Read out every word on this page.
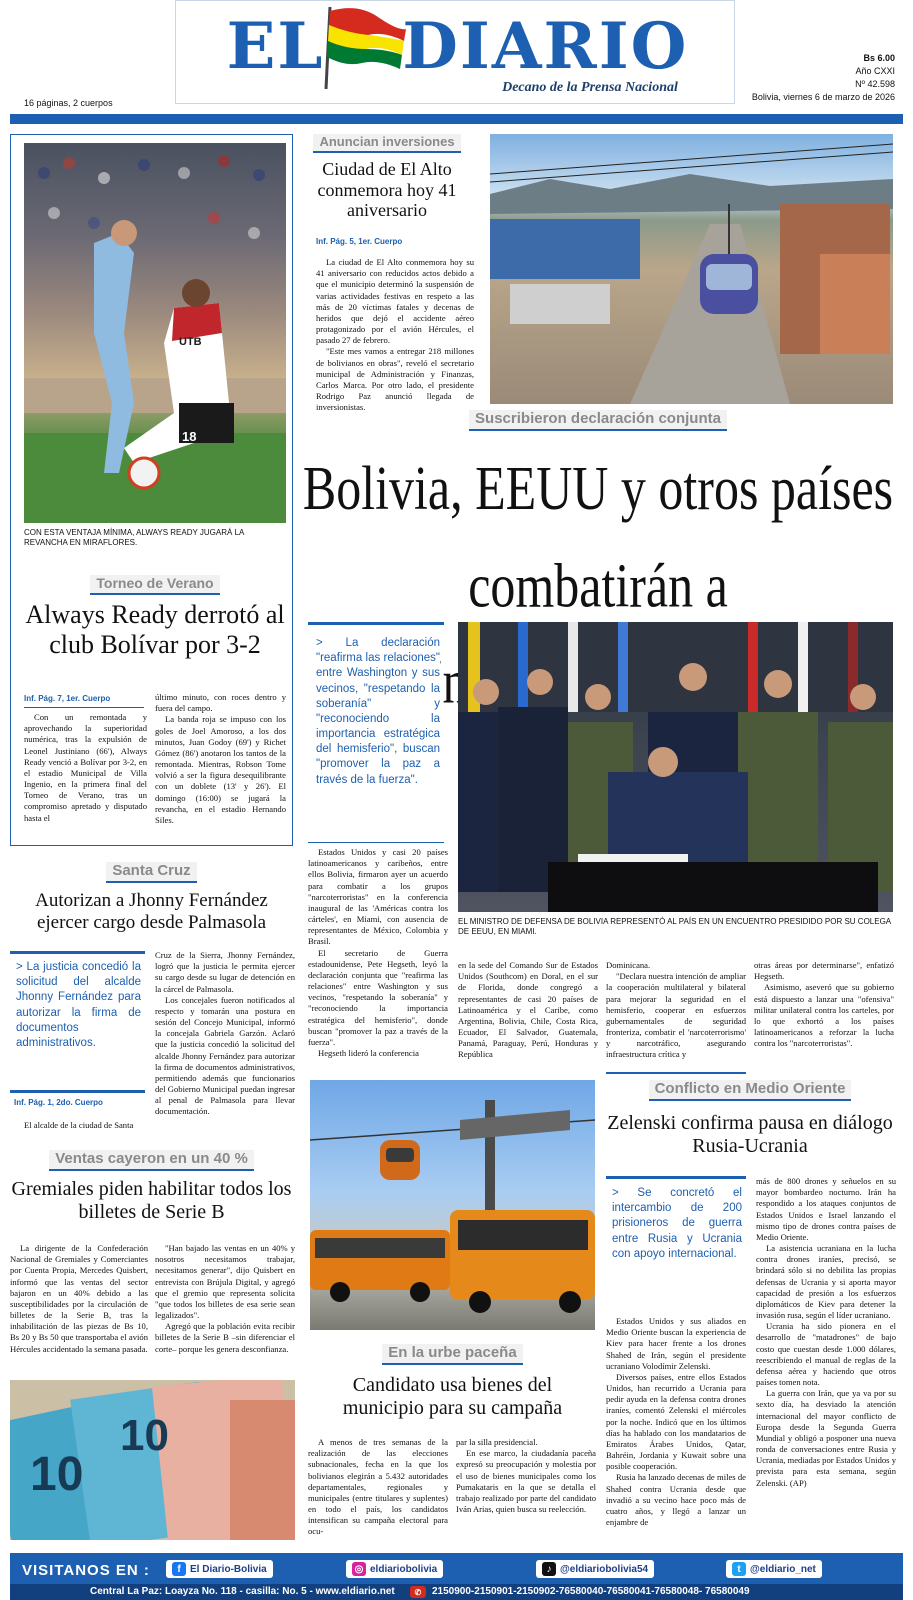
EL DIARIO
Decano de la Prensa Nacional
16 páginas, 2 cuerpos
Bs 6.00
Año CXXI
Nº 42.598
Bolivia, viernes 6 de marzo de 2026
18
UTB
CON ESTA VENTAJA MÍNIMA, ALWAYS READY JUGARÁ LA REVANCHA EN MIRAFLORES.
Torneo de Verano
Always Ready derrotó al club Bolívar por 3-2
Inf. Pág. 7, 1er. Cuerpo

Con un remontada y aprovechando la superioridad numérica, tras la expulsión de Leonel Justiniano (66'), Always Ready venció a Bolívar por 3-2, en el estadio Municipal de Villa Ingenio, en la primera final del Torneo de Verano, tras un compromiso apretado y disputado hasta el

último minuto, con roces dentro y fuera del campo.

La banda roja se impuso con los goles de Joel Amoroso, a los dos minutos, Juan Godoy (69') y Richet Gómez (86') anotaron los tantos de la remontada. Mientras, Robson Tome volvió a ser la figura desequilibrante con un doblete (13' y 26'). El domingo (16:00) se jugará la revancha, en el estadio Hernando Siles.

Anuncian inversiones
Ciudad de El Alto conmemora hoy 41 aniversario
Inf. Pág. 5, 1er. Cuerpo

La ciudad de El Alto conmemora hoy su 41 aniversario con reducidos actos debido a que el municipio determinó la suspensión de varias actividades festivas en respeto a las más de 20 víctimas fatales y decenas de heridos que dejó el accidente aéreo protagonizado por el avión Hércules, el pasado 27 de febrero.

"Este mes vamos a entregar 218 millones de bolivianos en obras", reveló el secretario municipal de Administración y Finanzas, Carlos Marca. Por otro lado, el presidente Rodrigo Paz anunció llegada de inversionistas.

Suscribieron declaración conjunta
Bolivia, EEUU y otros países
combatirán a
> La declaración "reafirma las relaciones" entre Washington y sus vecinos, "respetando la soberanía" y "reconociendo la importancia estratégica del hemisferio", buscan "promover la paz a través de la fuerza".
EL MINISTRO DE DEFENSA DE BOLIVIA REPRESENTÓ AL PAÍS EN UN ENCUENTRO PRESIDIDO POR SU COLEGA DE EEUU, EN MIAMI.

Estados Unidos y casi 20 países latinoamericanos y caribeños, entre ellos Bolivia, firmaron ayer un acuerdo para combatir a los grupos "narcoterroristas" en la conferencia inaugural de las 'Américas contra los cárteles', en Miami, con ausencia de representantes de México, Colombia y Brasil.

El secretario de Guerra estadounidense, Pete Hegseth, leyó la declaración conjunta que "reafirma las relaciones" entre Washington y sus vecinos, "respetando la soberanía" y "reconociendo la importancia estratégica del hemisferio", donde buscan "promover la paz a través de la fuerza".

Hegseth lideró la conferencia

en la sede del Comando Sur de Estados Unidos (Southcom) en Doral, en el sur de Florida, donde congregó a representantes de casi 20 países de Latinoamérica y el Caribe, como Argentina, Bolivia, Chile, Costa Rica, Ecuador, El Salvador, Guatemala, Panamá, Paraguay, Perú, Honduras y República

Dominicana.

"Declara nuestra intención de ampliar la cooperación multilateral y bilateral para mejorar la seguridad en el hemisferio, cooperar en esfuerzos gubernamentales de seguridad fronteriza, combatir el 'narcoterrorismo' y narcotráfico, asegurando infraestructura crítica y

otras áreas por determinarse", enfatizó Hegseth.

Asimismo, aseveró que su gobierno está dispuesto a lanzar una "ofensiva" militar unilateral contra los carteles, por lo que exhortó a los países latinoamericanos a reforzar la lucha contra los "narcoterroristas".

Santa Cruz
Autorizan a Jhonny Fernández ejercer cargo desde Palmasola
> La justicia concedió la solicitud del alcalde Jhonny Fernández para autorizar la firma de documentos administrativos.
Inf. Pág. 1, 2do. Cuerpo

El alcalde de la ciudad de Santa

Cruz de la Sierra, Jhonny Fernández, logró que la justicia le permita ejercer su cargo desde su lugar de detención en la cárcel de Palmasola.

Los concejales fueron notificados al respecto y tomarán una postura en sesión del Concejo Municipal, informó la concejala Gabriela Garzón. Aclaró que la justicia concedió la solicitud del alcalde Jhonny Fernández para autorizar la firma de documentos administrativos, permitiendo además que funcionarios del Gobierno Municipal puedan ingresar al penal de Palmasola para llevar documentación.

Ventas cayeron en un 40 %
Gremiales piden habilitar todos los billetes de Serie B

La dirigente de la Confederación Nacional de Gremiales y Comerciantes por Cuenta Propia, Mercedes Quisbert, informó que las ventas del sector bajaron en un 40% debido a las susceptibilidades por la circulación de billetes de la Serie B, tras la inhabilitación de las piezas de Bs 10, Bs 20 y Bs 50 que transportaba el avión Hércules accidentado la semana pasada.

"Han bajado las ventas en un 40% y nosotros necesitamos trabajar, necesitamos generar", dijo Quisbert en entrevista con Brújula Digital, y agregó que el gremio que representa solicita "que todos los billetes de esa serie sean legalizados".

Agregó que la población evita recibir billetes de la Serie B –sin diferenciar el corte– porque les genera desconfianza.

10
10
En la urbe paceña
Candidato usa bienes del municipio para su campaña

A menos de tres semanas de la realización de las elecciones subnacionales, fecha en la que los bolivianos elegirán a 5.432 autoridades departamentales, regionales y municipales (entre titulares y suplentes) en todo el país, los candidatos intensifican su campaña electoral para ocu-

par la silla presidencial.

En ese marco, la ciudadanía paceña expresó su preocupación y molestia por el uso de bienes municipales como los Pumakataris en la que se detalla el trabajo realizado por parte del candidato Iván Arias, quien busca su reelección.

Conflicto en Medio Oriente
Zelenski confirma pausa en diálogo Rusia-Ucrania
> Se concretó el intercambio de 200 prisioneros de guerra entre Rusia y Ucrania con apoyo internacional.

Estados Unidos y sus aliados en Medio Oriente buscan la experiencia de Kiev para hacer frente a los drones Shahed de Irán, según el presidente ucraniano Volodímir Zelenski.

Diversos países, entre ellos Estados Unidos, han recurrido a Ucrania para pedir ayuda en la defensa contra drones iraníes, comentó Zelenski el miércoles por la noche. Indicó que en los últimos días ha hablado con los mandatarios de Emiratos Árabes Unidos, Qatar, Bahréin, Jordania y Kuwait sobre una posible cooperación.

Rusia ha lanzado decenas de miles de Shahed contra Ucrania desde que invadió a su vecino hace poco más de cuatro años, y llegó a lanzar un enjambre de

más de 800 drones y señuelos en su mayor bombardeo nocturno. Irán ha respondido a los ataques conjuntos de Estados Unidos e Israel lanzando el mismo tipo de drones contra países de Medio Oriente.

La asistencia ucraniana en la lucha contra drones iraníes, precisó, se brindará sólo si no debilita las propias defensas de Ucrania y si aporta mayor capacidad de presión a los esfuerzos diplomáticos de Kiev para detener la invasión rusa, según el líder ucraniano.

Ucrania ha sido pionera en el desarrollo de "matadrones" de bajo costo que cuestan desde 1.000 dólares, reescribiendo el manual de reglas de la defensa aérea y haciendo que otros países tomen nota.

La guerra con Irán, que ya va por su sexto día, ha desviado la atención internacional del mayor conflicto de Europa desde la Segunda Guerra Mundial y obligó a posponer una nueva ronda de conversaciones entre Rusia y Ucrania, mediadas por Estados Unidos y prevista para esta semana, según Zelenski. (AP)

VISITANOS EN :	f El Diario-Bolivia	◎ eldiariobolivia	♪ @eldiariobolivia54	t @eldiario_net
Central La Paz: Loayza No. 118 - casilla: No. 5 - www.eldiario.net	✆	2150900-2150901-2150902-76580040-76580041-76580048- 76580049
